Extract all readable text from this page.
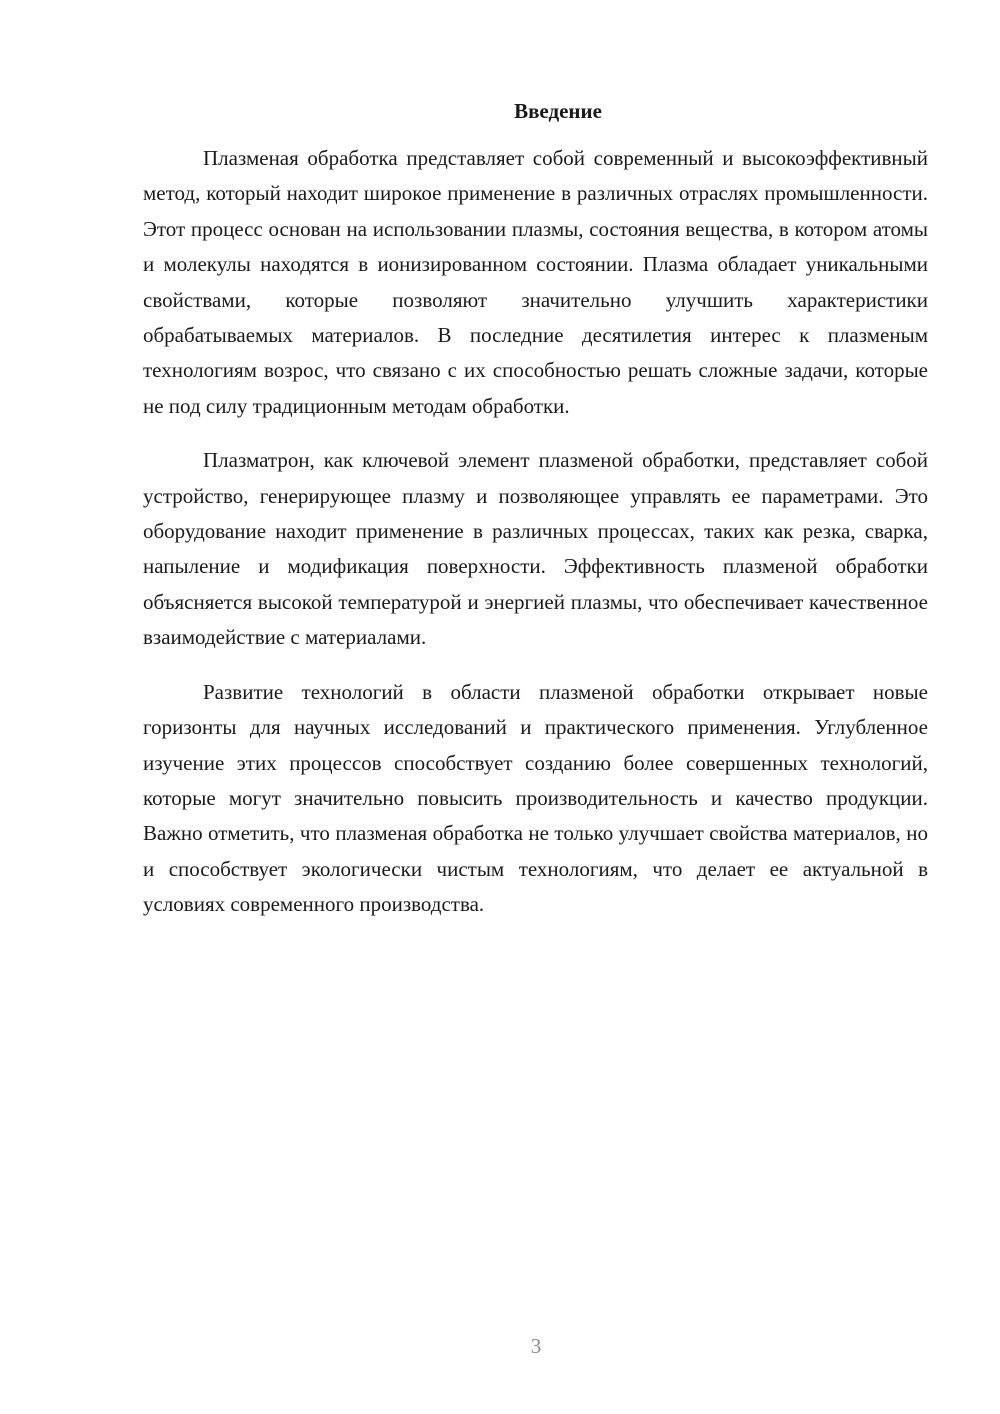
Введение

Плазменая обработка представляет собой современный и высокоэффективный метод, который находит широкое применение в различных отраслях промышленности. Этот процесс основан на использовании плазмы, состояния вещества, в котором атомы и молекулы находятся в ионизированном состоянии. Плазма обладает уникальными свойствами, которые позволяют значительно улучшить характеристики обрабатываемых материалов. В последние десятилетия интерес к плазменым технологиям возрос, что связано с их способностью решать сложные задачи, которые не под силу традиционным методам обработки.

Плазматрон, как ключевой элемент плазменой обработки, представляет собой устройство, генерирующее плазму и позволяющее управлять ее параметрами. Это оборудование находит применение в различных процессах, таких как резка, сварка, напыление и модификация поверхности. Эффективность плазменой обработки объясняется высокой температурой и энергией плазмы, что обеспечивает качественное взаимодействие с материалами.

Развитие технологий в области плазменой обработки открывает новые горизонты для научных исследований и практического применения. Углубленное изучение этих процессов способствует созданию более совершенных технологий, которые могут значительно повысить производительность и качество продукции. Важно отметить, что плазменая обработка не только улучшает свойства материалов, но и способствует экологически чистым технологиям, что делает ее актуальной в условиях современного производства.

3
